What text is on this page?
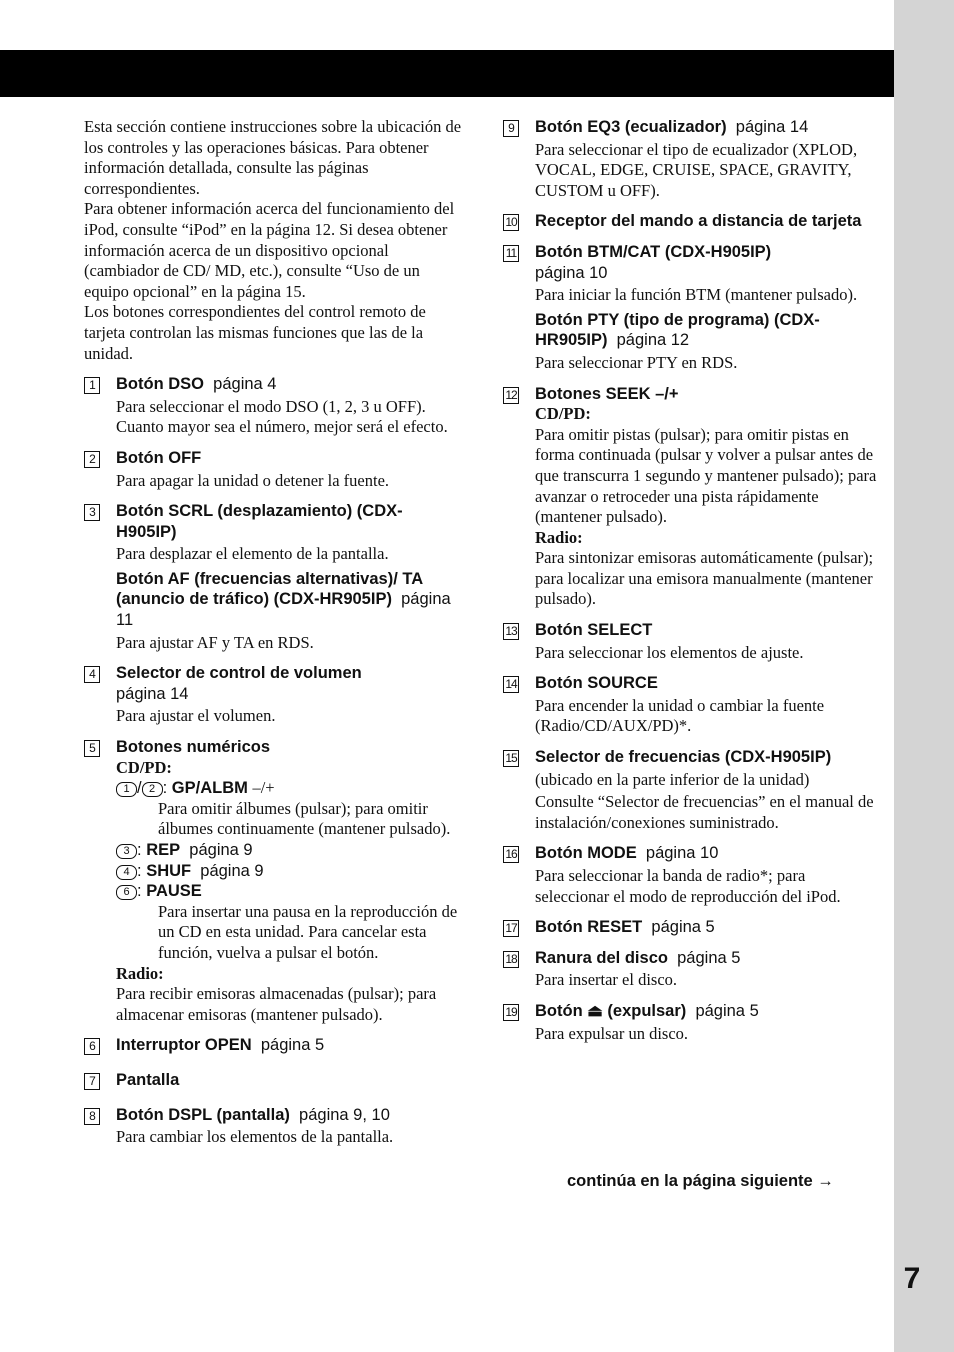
7

Esta sección contiene instrucciones sobre la ubicación de los controles y las operaciones básicas. Para obtener información detallada, consulte las páginas correspondientes.

Para obtener información acerca del funcionamiento del iPod, consulte “iPod” en la página 12. Si desea obtener información acerca de un dispositivo opcional (cambiador de CD/ MD, etc.), consulte “Uso de un equipo opcional” en la página 15.

Los botones correspondientes del control remoto de tarjeta controlan las mismas funciones que las de la unidad.

1	Botón DSO página 4
Para seleccionar el modo DSO (1, 2, 3 u OFF). Cuanto mayor sea el número, mejor será el efecto.
2	Botón OFF
Para apagar la unidad o detener la fuente.
3	Botón SCRL (desplazamiento) (CDX-H905IP)
Para desplazar el elemento de la pantalla.
Botón AF (frecuencias alternativas)/ TA (anuncio de tráfico) (CDX-HR905IP) página 11
Para ajustar AF y TA en RDS.
4	Selector de control de volumen
página 14
Para ajustar el volumen.
5	Botones numéricos
CD/PD:
1 / 2 : GP/ALBM –/+
Para omitir álbumes (pulsar); para omitir álbumes continuamente (mantener pulsado).
3 : REP página 9
4 : SHUF página 9
6 : PAUSE
Para insertar una pausa en la reproducción de un CD en esta unidad. Para cancelar esta función, vuelva a pulsar el botón.
Radio:
Para recibir emisoras almacenadas (pulsar); para almacenar emisoras (mantener pulsado).
6	Interruptor OPEN página 5
7	Pantalla
8	Botón DSPL (pantalla) página 9, 10
Para cambiar los elementos de la pantalla.
9	Botón EQ3 (ecualizador) página 14
Para seleccionar el tipo de ecualizador (XPLOD, VOCAL, EDGE, CRUISE, SPACE, GRAVITY, CUSTOM u OFF).
10 Receptor del mando a distancia de tarjeta
11 Botón BTM/CAT (CDX-H905IP)
página 10
Para iniciar la función BTM (mantener pulsado).
Botón PTY (tipo de programa) (CDX-HR905IP) página 12
Para seleccionar PTY en RDS.
12 Botones SEEK –/+
CD/PD:
Para omitir pistas (pulsar); para omitir pistas en forma continuada (pulsar y volver a pulsar antes de que transcurra 1 segundo y mantener pulsado); para avanzar o retroceder una pista rápidamente (mantener pulsado).
Radio:
Para sintonizar emisoras automáticamente (pulsar); para localizar una emisora manualmente (mantener pulsado).
13 Botón SELECT
Para seleccionar los elementos de ajuste.
14 Botón SOURCE
Para encender la unidad o cambiar la fuente (Radio/CD/AUX/PD)*.
15 Selector de frecuencias (CDX-H905IP)
(ubicado en la parte inferior de la unidad)
Consulte “Selector de frecuencias” en el manual de instalación/conexiones suministrado.
16 Botón MODE página 10
Para seleccionar la banda de radio*; para seleccionar el modo de reproducción del iPod.
17 Botón RESET página 5
18 Ranura del disco página 5
Para insertar el disco.
19 Botón ⏏ (expulsar) página 5
Para expulsar un disco.
continúa en la página siguiente →
